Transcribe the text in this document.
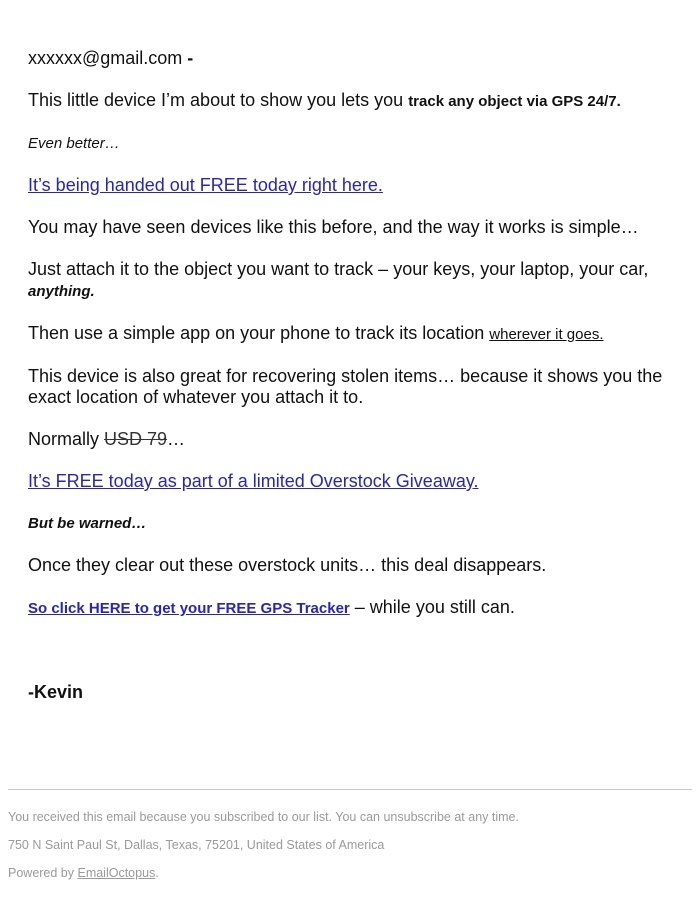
xxxxxx@gmail.com -
This little device I’m about to show you lets you track any object via GPS 24/7.
Even better…
It’s being handed out FREE today right here.
You may have seen devices like this before, and the way it works is simple…
Just attach it to the object you want to track – your keys, your laptop, your car, anything.
Then use a simple app on your phone to track its location wherever it goes.
This device is also great for recovering stolen items… because it shows you the exact location of whatever you attach it to.
Normally USD 79…
It’s FREE today as part of a limited Overstock Giveaway.
But be warned…
Once they clear out these overstock units… this deal disappears.
So click HERE to get your FREE GPS Tracker – while you still can.
-Kevin
You received this email because you subscribed to our list. You can unsubscribe at any time.
750 N Saint Paul St, Dallas, Texas, 75201, United States of America
Powered by EmailOctopus.
